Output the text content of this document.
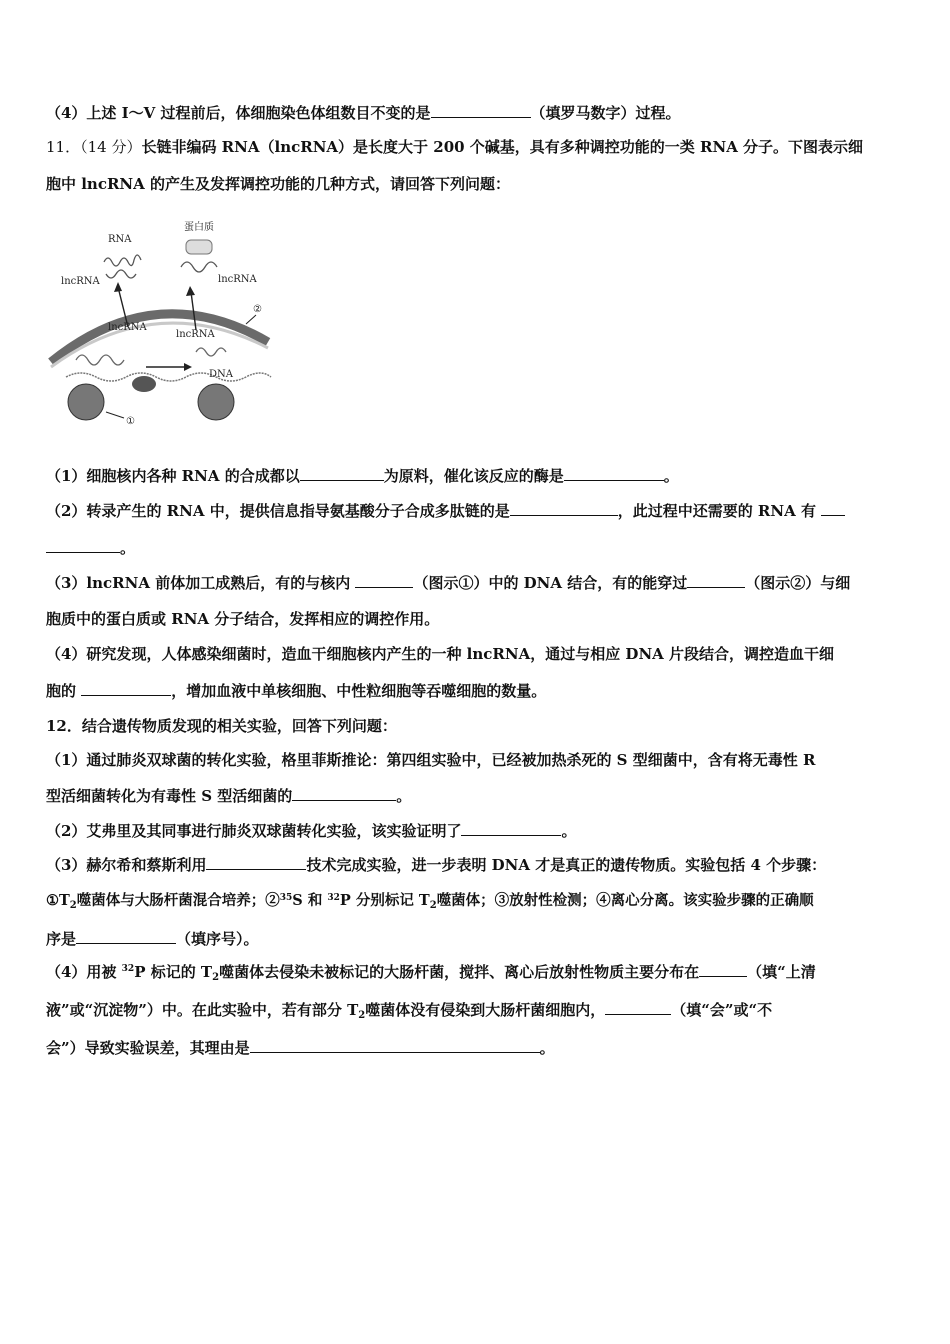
（4）上述 I～V 过程前后，体细胞染色体组数目不变的是	（填罗马数字）过程。
11．（14 分）长链非编码 RNA（lncRNA）是长度大于 200 个碱基，具有多种调控功能的一类 RNA 分子。下图表示细
胞中 lncRNA 的产生及发挥调控功能的几种方式，请回答下列问题：
RNA
蛋白质
lncRNA	lncRNA
lncRNA
lncRNA
DNA
①
②
（1）细胞核内各种 RNA 的合成都以	为原料，催化该反应的酶是	。
（2）转录产生的 RNA 中，提供信息指导氨基酸分子合成多肽链的是	，此过程中还需要的 RNA 有
。
（3）lncRNA 前体加工成熟后，有的与核内	（图示①）中的 DNA 结合，有的能穿过	（图示②）与细
胞质中的蛋白质或 RNA 分子结合，发挥相应的调控作用。
（4）研究发现，人体感染细菌时，造血干细胞核内产生的一种 lncRNA，通过与相应 DNA 片段结合，调控造血干细
胞的	，增加血液中单核细胞、中性粒细胞等吞噬细胞的数量。
12．结合遗传物质发现的相关实验，回答下列问题：
（1）通过肺炎双球菌的转化实验，格里菲斯推论：第四组实验中，已经被加热杀死的 S 型细菌中，含有将无毒性 R
型活细菌转化为有毒性 S 型活细菌的	。
（2）艾弗里及其同事进行肺炎双球菌转化实验，该实验证明了	。
（3）赫尔希和蔡斯利用	技术完成实验，进一步表明 DNA 才是真正的遗传物质。实验包括 4 个步骤：
$①T_2$噬菌体与大肠杆菌混合培养；②$^{35}$S 和 $^{32}$P 分别标记 $T_2$噬菌体；③放射性检测；④离心分离。该实验步骤的正确顺
序是	（填序号）。
（4）用被 $^{32}$P 标记的 $T_2$噬菌体去侵染未被标记的大肠杆菌，搅拌、离心后放射性物质主要分布在	（填“上清
液”或“沉淀物”）中。在此实验中，若有部分 $T_2$噬菌体没有侵染到大肠杆菌细胞内，	（填“会”或“不
会”）导致实验误差，其理由是	。
